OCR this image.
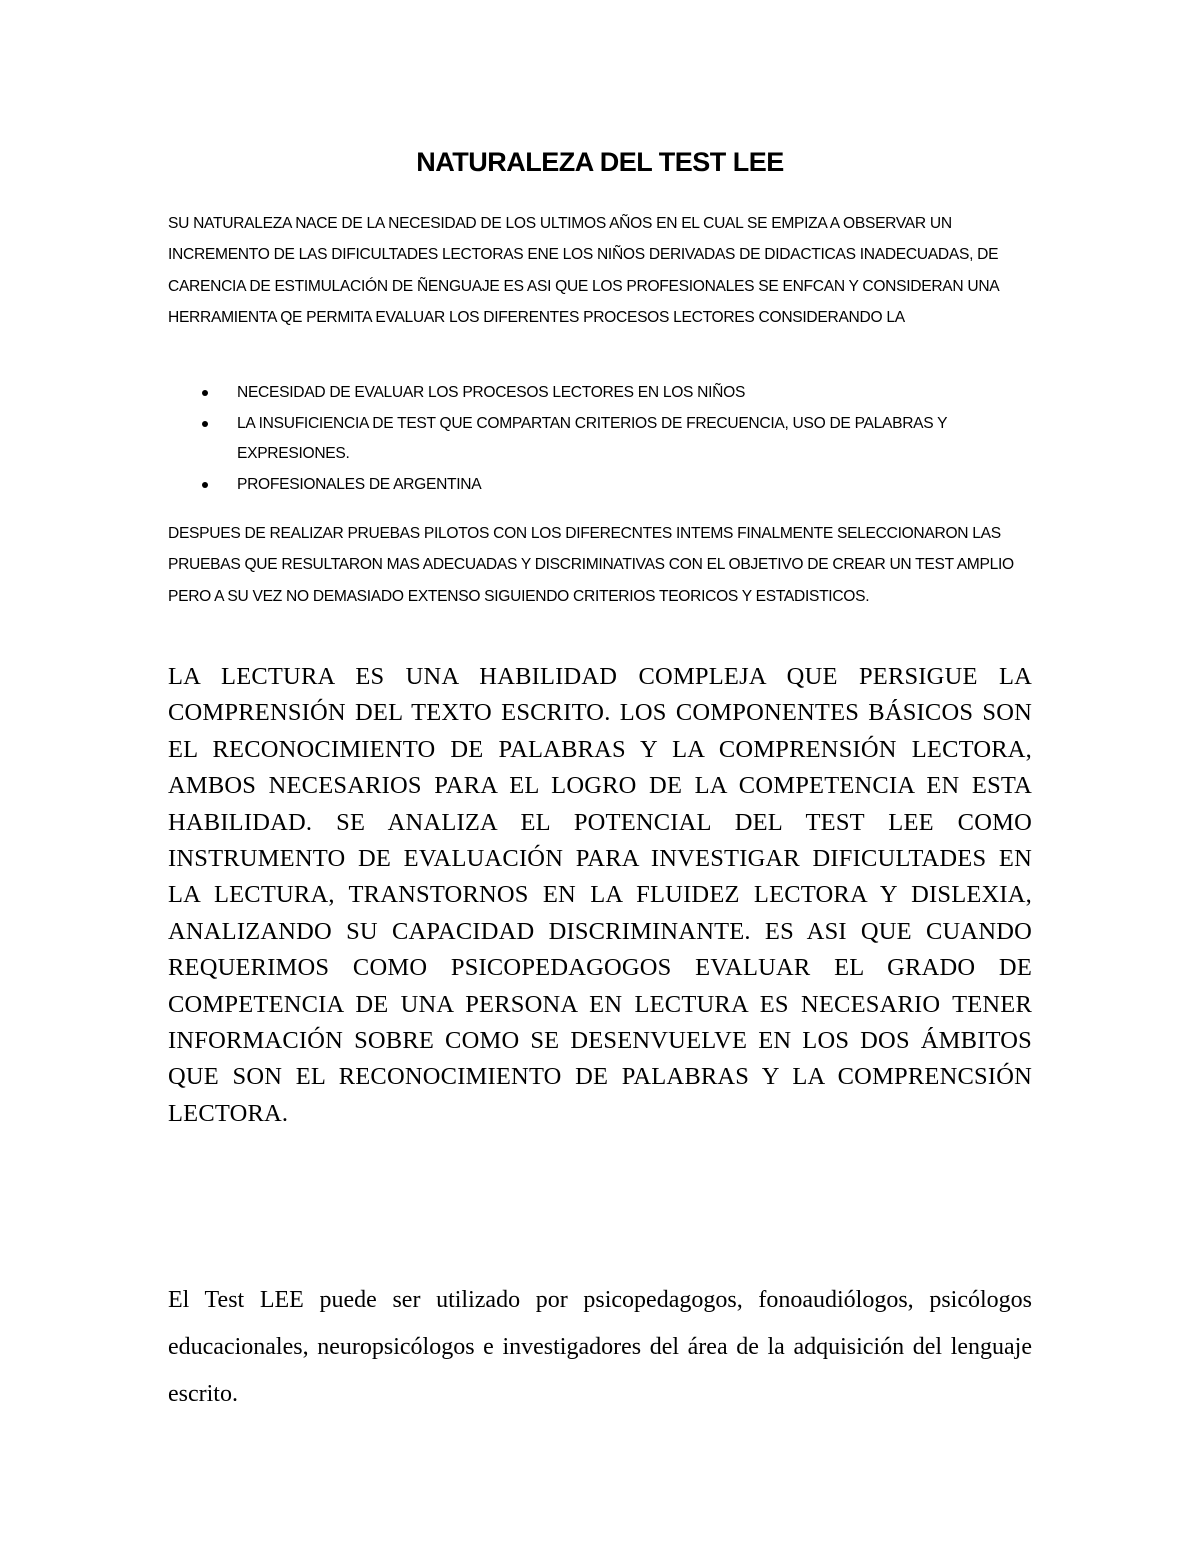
NATURALEZA DEL TEST LEE

SU NATURALEZA NACE DE LA NECESIDAD DE LOS ULTIMOS AÑOS EN EL CUAL SE EMPIZA A OBSERVAR UN INCREMENTO DE LAS DIFICULTADES LECTORAS ENE LOS NIÑOS DERIVADAS DE DIDACTICAS INADECUADAS, DE CARENCIA DE ESTIMULACIÓN DE ÑENGUAJE ES ASI QUE LOS PROFESIONALES SE ENFCAN Y CONSIDERAN UNA HERRAMIENTA QE PERMITA EVALUAR LOS DIFERENTES PROCESOS LECTORES CONSIDERANDO LA

NECESIDAD DE EVALUAR LOS PROCESOS LECTORES EN LOS NIÑOS
LA INSUFICIENCIA DE TEST QUE COMPARTAN CRITERIOS DE FRECUENCIA, USO DE PALABRAS Y EXPRESIONES.
PROFESIONALES DE ARGENTINA

DESPUES DE REALIZAR PRUEBAS PILOTOS CON LOS DIFERECNTES INTEMS FINALMENTE SELECCIONARON LAS PRUEBAS QUE RESULTARON MAS ADECUADAS Y DISCRIMINATIVAS CON EL OBJETIVO DE CREAR UN TEST AMPLIO PERO A SU VEZ NO DEMASIADO EXTENSO SIGUIENDO CRITERIOS TEORICOS Y ESTADISTICOS.

LA LECTURA ES UNA HABILIDAD COMPLEJA QUE PERSIGUE LA COMPRENSIÓN DEL TEXTO ESCRITO. LOS COMPONENTES BÁSICOS SON EL RECONOCIMIENTO DE PALABRAS Y LA COMPRENSIÓN LECTORA, AMBOS NECESARIOS PARA EL LOGRO DE LA COMPETENCIA EN ESTA HABILIDAD. SE ANALIZA EL POTENCIAL DEL TEST LEE COMO INSTRUMENTO DE EVALUACIÓN PARA INVESTIGAR DIFICULTADES EN LA LECTURA, TRANSTORNOS EN LA FLUIDEZ LECTORA Y DISLEXIA, ANALIZANDO SU CAPACIDAD DISCRIMINANTE. ES ASI QUE CUANDO REQUERIMOS COMO PSICOPEDAGOGOS EVALUAR EL GRADO DE COMPETENCIA DE UNA PERSONA EN LECTURA ES NECESARIO TENER INFORMACIÓN SOBRE COMO SE DESENVUELVE EN LOS DOS ÁMBITOS QUE SON EL RECONOCIMIENTO DE PALABRAS Y LA COMPRENCSIÓN LECTORA.

El Test LEE puede ser utilizado por psicopedagogos, fonoaudiólogos, psicólogos educacionales, neuropsicólogos e investigadores del área de la adquisición del lenguaje escrito.
